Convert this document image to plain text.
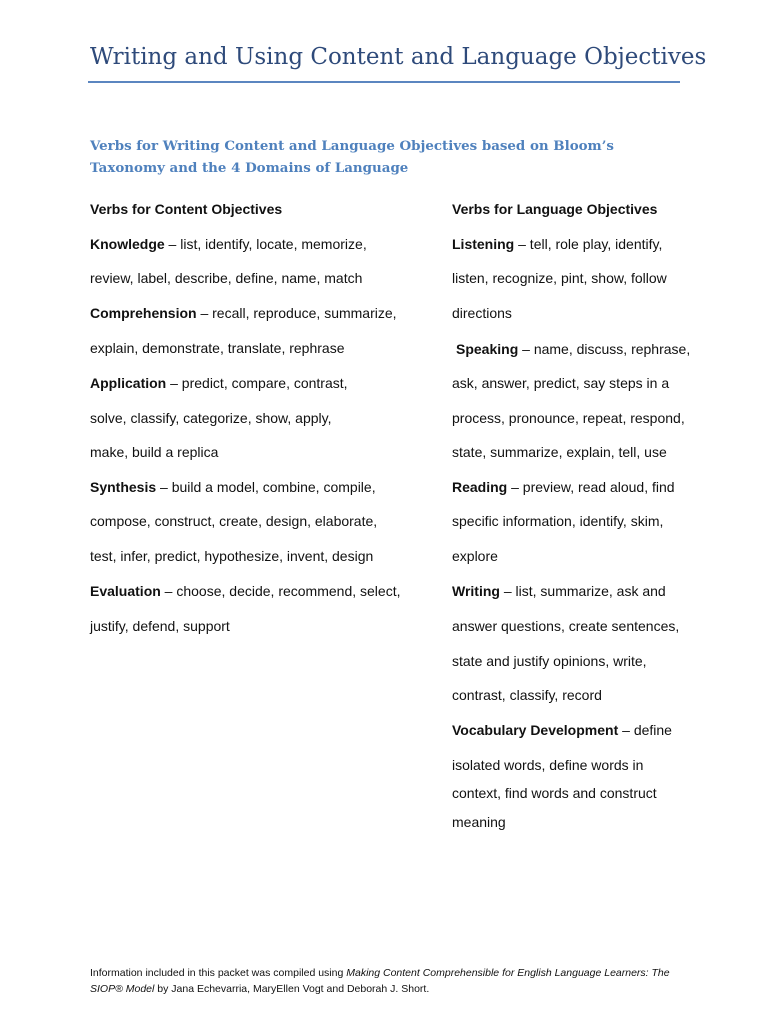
Writing and Using Content and Language Objectives
Verbs for Writing Content and Language Objectives based on Bloom’s Taxonomy and the 4 Domains of Language
Verbs for Content Objectives
Knowledge – list, identify, locate, memorize,
review, label, describe, define, name, match
Comprehension – recall, reproduce, summarize,
explain, demonstrate, translate, rephrase
Application – predict, compare, contrast,
solve, classify, categorize, show, apply,
make, build a replica
Synthesis – build a model, combine, compile,
compose, construct, create, design, elaborate,
test, infer, predict, hypothesize, invent, design
Evaluation – choose, decide, recommend, select,
justify, defend, support
Verbs for Language Objectives
Listening – tell, role play, identify,
listen, recognize, pint, show, follow
directions
Speaking – name, discuss, rephrase,
ask, answer, predict, say steps in a
process, pronounce, repeat, respond,
state, summarize, explain, tell, use
Reading – preview, read aloud, find
specific information, identify, skim,
explore
Writing – list, summarize, ask and
answer questions, create sentences,
state and justify opinions, write,
contrast, classify, record
Vocabulary Development – define
isolated words, define words in
context, find words and construct
meaning
Information included in this packet was compiled using Making Content Comprehensible for English Language Learners: The SIOP® Model by Jana Echevarria, MaryEllen Vogt and Deborah J. Short.
